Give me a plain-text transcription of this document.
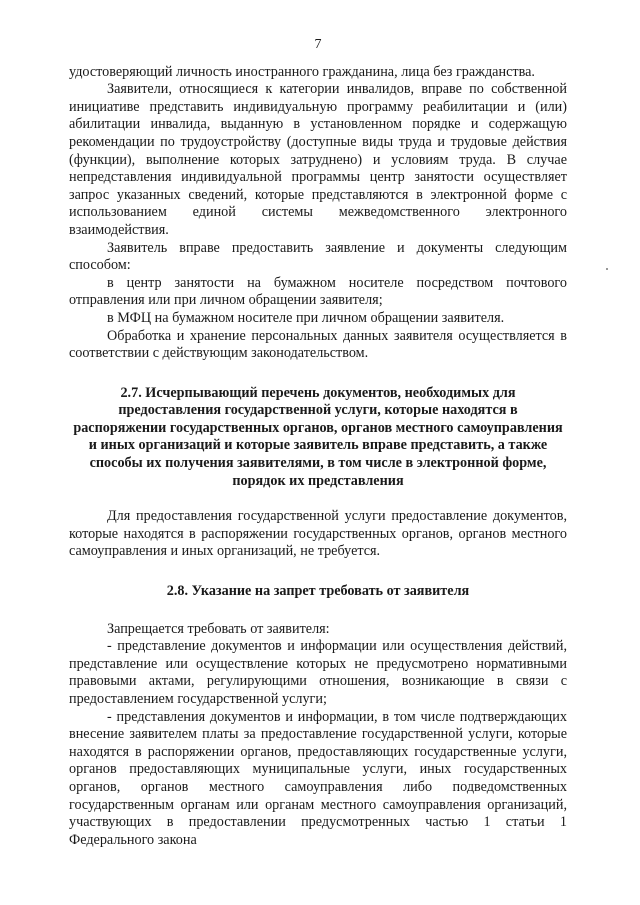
7

удостоверяющий личность иностранного гражданина, лица без гражданства.

Заявители, относящиеся к категории инвалидов, вправе по собственной инициативе представить индивидуальную программу реабилитации и (или) абилитации инвалида, выданную в установленном порядке и содержащую рекомендации по трудоустройству (доступные виды труда и трудовые действия (функции), выполнение которых затруднено) и условиям труда. В случае непредставления индивидуальной программы центр занятости осуществляет запрос указанных сведений, которые представляются в электронной форме с использованием единой системы межведомственного электронного взаимодействия.

Заявитель вправе предоставить заявление и документы следующим способом:

в центр занятости на бумажном носителе посредством почтового отправления или при личном обращении заявителя;

в МФЦ на бумажном носителе при личном обращении заявителя.

Обработка и хранение персональных данных заявителя осуществляется в соответствии с действующим законодательством.

2.7. Исчерпывающий перечень документов, необходимых для предоставления государственной услуги, которые находятся в распоряжении государственных органов, органов местного самоуправления и иных организаций и которые заявитель вправе представить, а также способы их получения заявителями, в том числе в электронной форме, порядок их представления

Для предоставления государственной услуги предоставление документов, которые находятся в распоряжении государственных органов, органов местного самоуправления и иных организаций, не требуется.

2.8. Указание на запрет требовать от заявителя

Запрещается требовать от заявителя:

- представление документов и информации или осуществления действий, представление или осуществление которых не предусмотрено нормативными правовыми актами, регулирующими отношения, возникающие в связи с предоставлением государственной услуги;

- представления документов и информации, в том числе подтверждающих внесение заявителем платы за предоставление государственной услуги, которые находятся в распоряжении органов, предоставляющих государственные услуги, органов предоставляющих муниципальные услуги, иных государственных органов, органов местного самоуправления либо подведомственных государственным органам или органам местного самоуправления организаций, участвующих в предоставлении предусмотренных частью 1 статьи 1 Федерального закона
